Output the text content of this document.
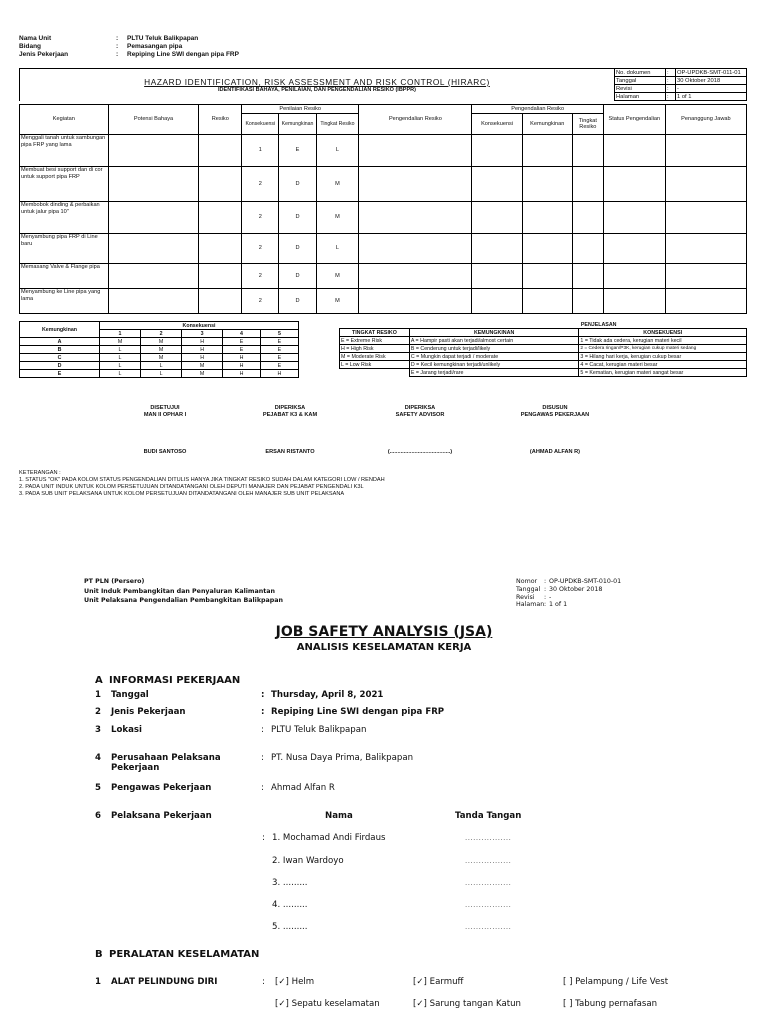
Nama Unit	:	PLTU Teluk Balikpapan
Bidang	:	Pemasangan pipa
Jenis Pekerjaan	:	Repiping Line SWI dengan pipa FRP
HAZARD IDENTIFICATION, RISK ASSESSMENT AND RISK CONTROL (HIRARC)
IDENTIFIKASI BAHAYA, PENILAIAN, DAN PENGENDALIAN RESIKO (IBPPR)	No. dokumen	:	OP-UPDKB-SMT-011-01
	Tanggal	:	30 Oktober 2018
	Revisi	:	-
	Halaman	:	1 of 1
Kegiatan	Potensi Bahaya	Resiko	Penilaian Resiko			Pengendalian Resiko	Pengendalian Resiko			Status Pengendalian	Penanggung Jawab
			Konsekuensi	Kemungkinan	Tingkat Resiko		Konsekuensi	Kemungkinan	Tingkat Resiko		
Menggali tanah untuk sambungan pipa FRP yang lama			1	E	L						
Membuat besi support dan di cor untuk support pipa FRP			2	D	M						
Membobok dinding & perbaikan untuk jalur pipa 10"			2	D	M						
Menyambung pipa FRP di Line baru			2	D	L						
Memasang Valve & Flange pipa			2	D	M						
Menyambung ke Line pipa yang lama			2	D	M						
Kemungkinan	Konsekuensi				
	1	2	3	4	5
A	M	M	H	E	E
B	L	M	H	E	E
C	L	M	H	H	E
D	L	L	M	H	E
E	L	L	M	H	H
PENJELASAN		
TINGKAT RESIKO	KEMUNGKINAN	KONSEKUENSI
E = Extreme Risk	A = Hampir pasti akan terjadi/almost certain	1 = Tidak ada cedera, kerugian materi kecil
H = High Risk	B = Cenderung untuk terjadi/likely	2 = Cedera ringan/P3K, kerugian cukup materi sedang
M = Moderate Risk	C = Mungkin dapat terjadi / moderate	3 = Hilang hari kerja, kerugian cukup besar
L = Low Risk	D = Kecil kemungkinan terjadi/unlikely	4 = Cacat, kerugian materi besar
	E = Jarang terjadi/rare	5 = Kematian, kerugian materi sangat besar
DISETUJUI
MAN II OPHAR I
BUDI SANTOSO
DIPERIKSA
PEJABAT K3 & KAM
ERSAN RISTANTO
DIPERIKSA
SAFETY ADVISOR
(.......................................)
DISUSUN
PENGAWAS PEKERJAAN
(AHMAD ALFAN R)
KETERANGAN :
1. STATUS "OK" PADA KOLOM STATUS PENGENDALIAN DITULIS HANYA JIKA TINGKAT RESIKO SUDAH DALAM KATEGORI LOW / RENDAH
2. PADA UNIT INDUK UNTUK KOLOM PERSETUJUAN DITANDATANGANI OLEH DEPUTI MANAJER DAN PEJABAT PENGENDALI K3L
3. PADA SUB UNIT PELAKSANA UNTUK KOLOM PERSETUJUAN DITANDATANGANI OLEH MANAJER SUB UNIT PELAKSANA
PT PLN (Persero)
Unit Induk Pembangkitan dan Penyaluran Kalimantan
Unit Pelaksana Pengendalian Pembangkitan Balikpapan
Nomor	: OP-UPDKB-SMT-010-01
Tanggal : 30 Oktober 2018
Revisi	: -
Halaman : 1 of 1
JOB SAFETY ANALYSIS (JSA)
ANALISIS KESELAMATAN KERJA
A INFORMASI PEKERJAAN
1	Tanggal	: Thursday, April 8, 2021
2	Jenis Pekerjaan	: Repiping Line SWI dengan pipa FRP
3	Lokasi	: PLTU Teluk Balikpapan
4	Perusahaan Pelaksana Pekerjaan
: PT. Nusa Daya Prima, Balikpapan
5	Pengawas Pekerjaan	: Ahmad Alfan R
6	Pelaksana Pekerjaan	Nama	Tanda Tangan
: 1. Mochamad Andi Firdaus	.................
2. Iwan Wardoyo	.................
3. .........	.................
4. .........	.................
5. .........	.................
B PERALATAN KESELAMATAN
1	ALAT PELINDUNG DIRI	: [✓] Helm	[✓] Earmuff	[ ] Pelampung / Life Vest
[✓] Sepatu keselamatan	[✓] Sarung tangan Katun	[ ] Tabung pernafasan
